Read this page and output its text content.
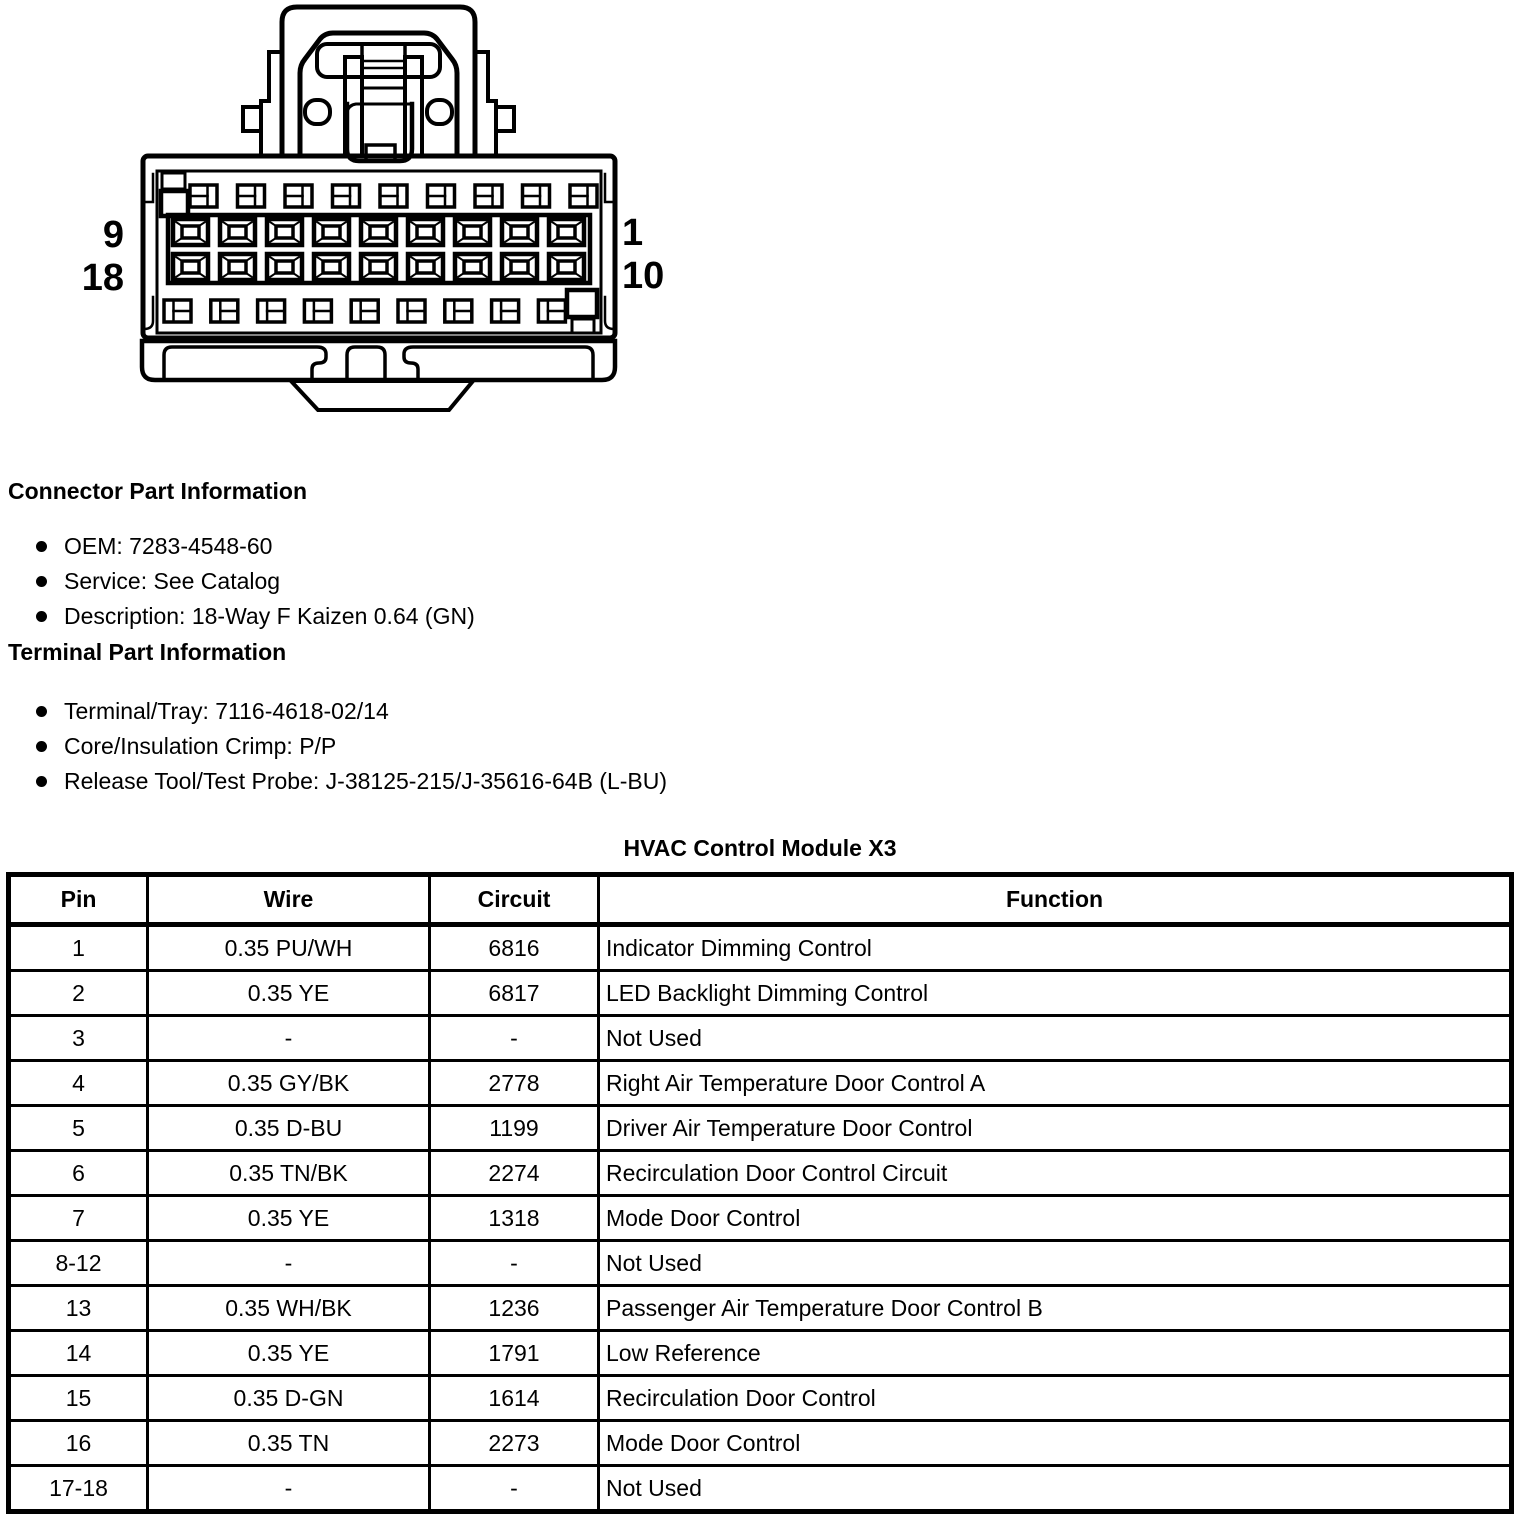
9
18
1
10
Connector Part Information
OEM: 7283-4548-60
Service: See Catalog
Description: 18-Way F Kaizen 0.64 (GN)
Terminal Part Information
Terminal/Tray: 7116-4618-02/14
Core/Insulation Crimp: P/P
Release Tool/Test Probe: J-38125-215/J-35616-64B (L-BU)
HVAC Control Module X3
Pin	Wire	Circuit	Function
1	0.35 PU/WH	6816	Indicator Dimming Control
2	0.35 YE	6817	LED Backlight Dimming Control
3	-	-	Not Used
4	0.35 GY/BK	2778	Right Air Temperature Door Control A
5	0.35 D-BU	1199	Driver Air Temperature Door Control
6	0.35 TN/BK	2274	Recirculation Door Control Circuit
7	0.35 YE	1318	Mode Door Control
8-12	-	-	Not Used
13	0.35 WH/BK	1236	Passenger Air Temperature Door Control B
14	0.35 YE	1791	Low Reference
15	0.35 D-GN	1614	Recirculation Door Control
16	0.35 TN	2273	Mode Door Control
17-18	-	-	Not Used
